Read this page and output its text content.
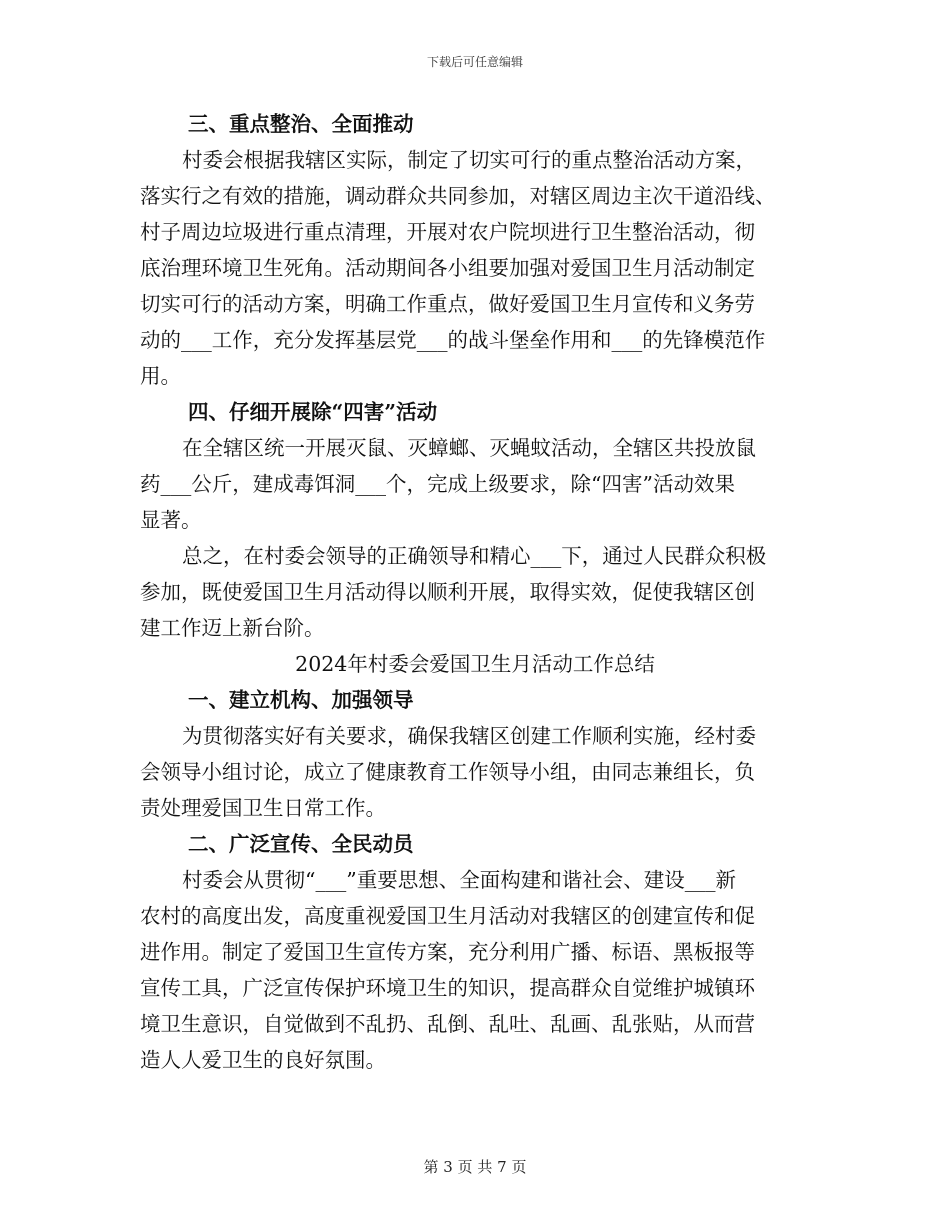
下载后可任意编辑
三、重点整治、全面推动
村委会根据我辖区实际，制定了切实可行的重点整治活动方案，
落实行之有效的措施，调动群众共同参加，对辖区周边主次干道沿线、
村子周边垃圾进行重点清理，开展对农户院坝进行卫生整治活动，彻
底治理环境卫生死角。活动期间各小组要加强对爱国卫生月活动制定
切实可行的活动方案，明确工作重点，做好爱国卫生月宣传和义务劳
动的___工作，充分发挥基层党___的战斗堡垒作用和___的先锋模范作
用。
四、仔细开展除“四害”活动
在全辖区统一开展灭鼠、灭蟑螂、灭蝇蚊活动，全辖区共投放鼠
药___公斤，建成毒饵洞___个，完成上级要求，除“四害”活动效果
显著。
总之，在村委会领导的正确领导和精心___下，通过人民群众积极
参加，既使爱国卫生月活动得以顺利开展，取得实效，促使我辖区创
建工作迈上新台阶。
2024年村委会爱国卫生月活动工作总结
一、建立机构、加强领导
为贯彻落实好有关要求，确保我辖区创建工作顺利实施，经村委
会领导小组讨论，成立了健康教育工作领导小组，由同志兼组长，负
责处理爱国卫生日常工作。
二、广泛宣传、全民动员
村委会从贯彻“___”重要思想、全面构建和谐社会、建设___新
农村的高度出发，高度重视爱国卫生月活动对我辖区的创建宣传和促
进作用。制定了爱国卫生宣传方案，充分利用广播、标语、黑板报等
宣传工具，广泛宣传保护环境卫生的知识，提高群众自觉维护城镇环
境卫生意识，自觉做到不乱扔、乱倒、乱吐、乱画、乱张贴，从而营
造人人爱卫生的良好氛围。
第 3 页 共 7 页
